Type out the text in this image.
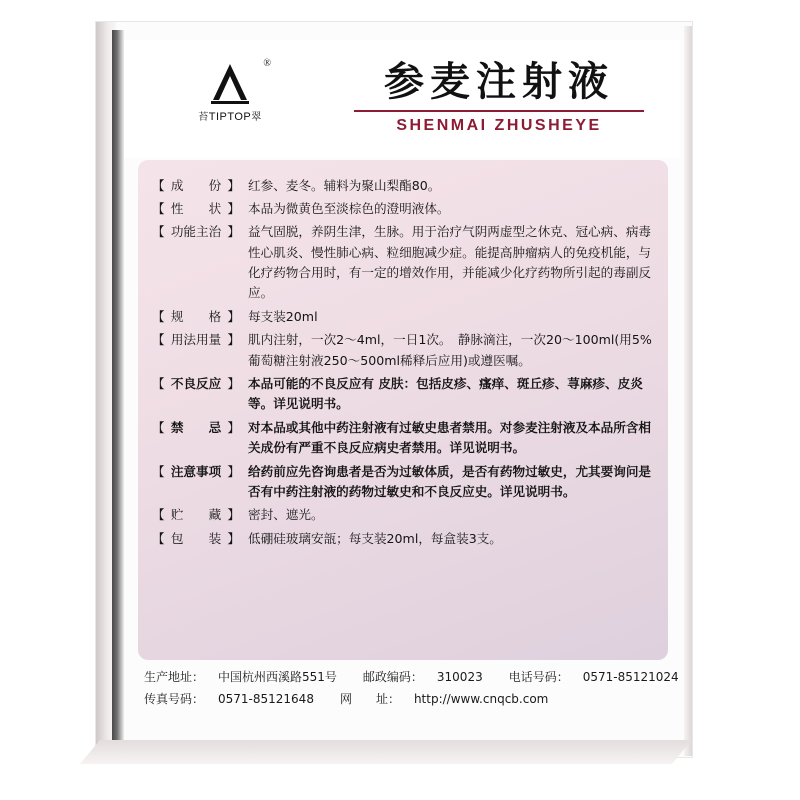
®
苔TIPTOP翠
参麦注射液
SHENMAI ZHUSHEYE
【 成　　份 】	红参、麦冬。辅料为聚山梨酯80。

【 性　　状 】	本品为微黄色至淡棕色的澄明液体。

【 功能主治 】	益气固脱，养阴生津，生脉。用于治疗气阴两虚型之休克、冠心病、病毒性心肌炎、慢性肺心病、粒细胞减少症。能提高肿瘤病人的免疫机能，与化疗药物合用时，有一定的增效作用，并能减少化疗药物所引起的毒副反应。

【 规　　格 】	每支装20ml

【 用法用量 】	肌内注射，一次2～4ml，一日1次。　静脉滴注，一次20～100ml(用5%葡萄糖注射液250～500ml稀释后应用)或遵医嘱。

【 不良反应 】	本品可能的不良反应有 皮肤：包括皮疹、瘙痒、斑丘疹、荨麻疹、皮炎等。详见说明书。

【 禁　　忌 】	对本品或其他中药注射液有过敏史患者禁用。对参麦注射液及本品所含相关成份有严重不良反应病史者禁用。详见说明书。

【 注意事项 】	给药前应先咨询患者是否为过敏体质，是否有药物过敏史，尤其要询问是否有中药注射液的药物过敏史和不良反应史。详见说明书。

【 贮　　藏 】	密封、遮光。

【 包　　装 】	低硼硅玻璃安瓿；每支装20ml，每盒装3支。
生产地址：	中国杭州西溪路551号 邮政编码：	310023 电话号码：	0571-85121024
传真号码：	0571-85121648 网　　址：	http://www.cnqcb.com
